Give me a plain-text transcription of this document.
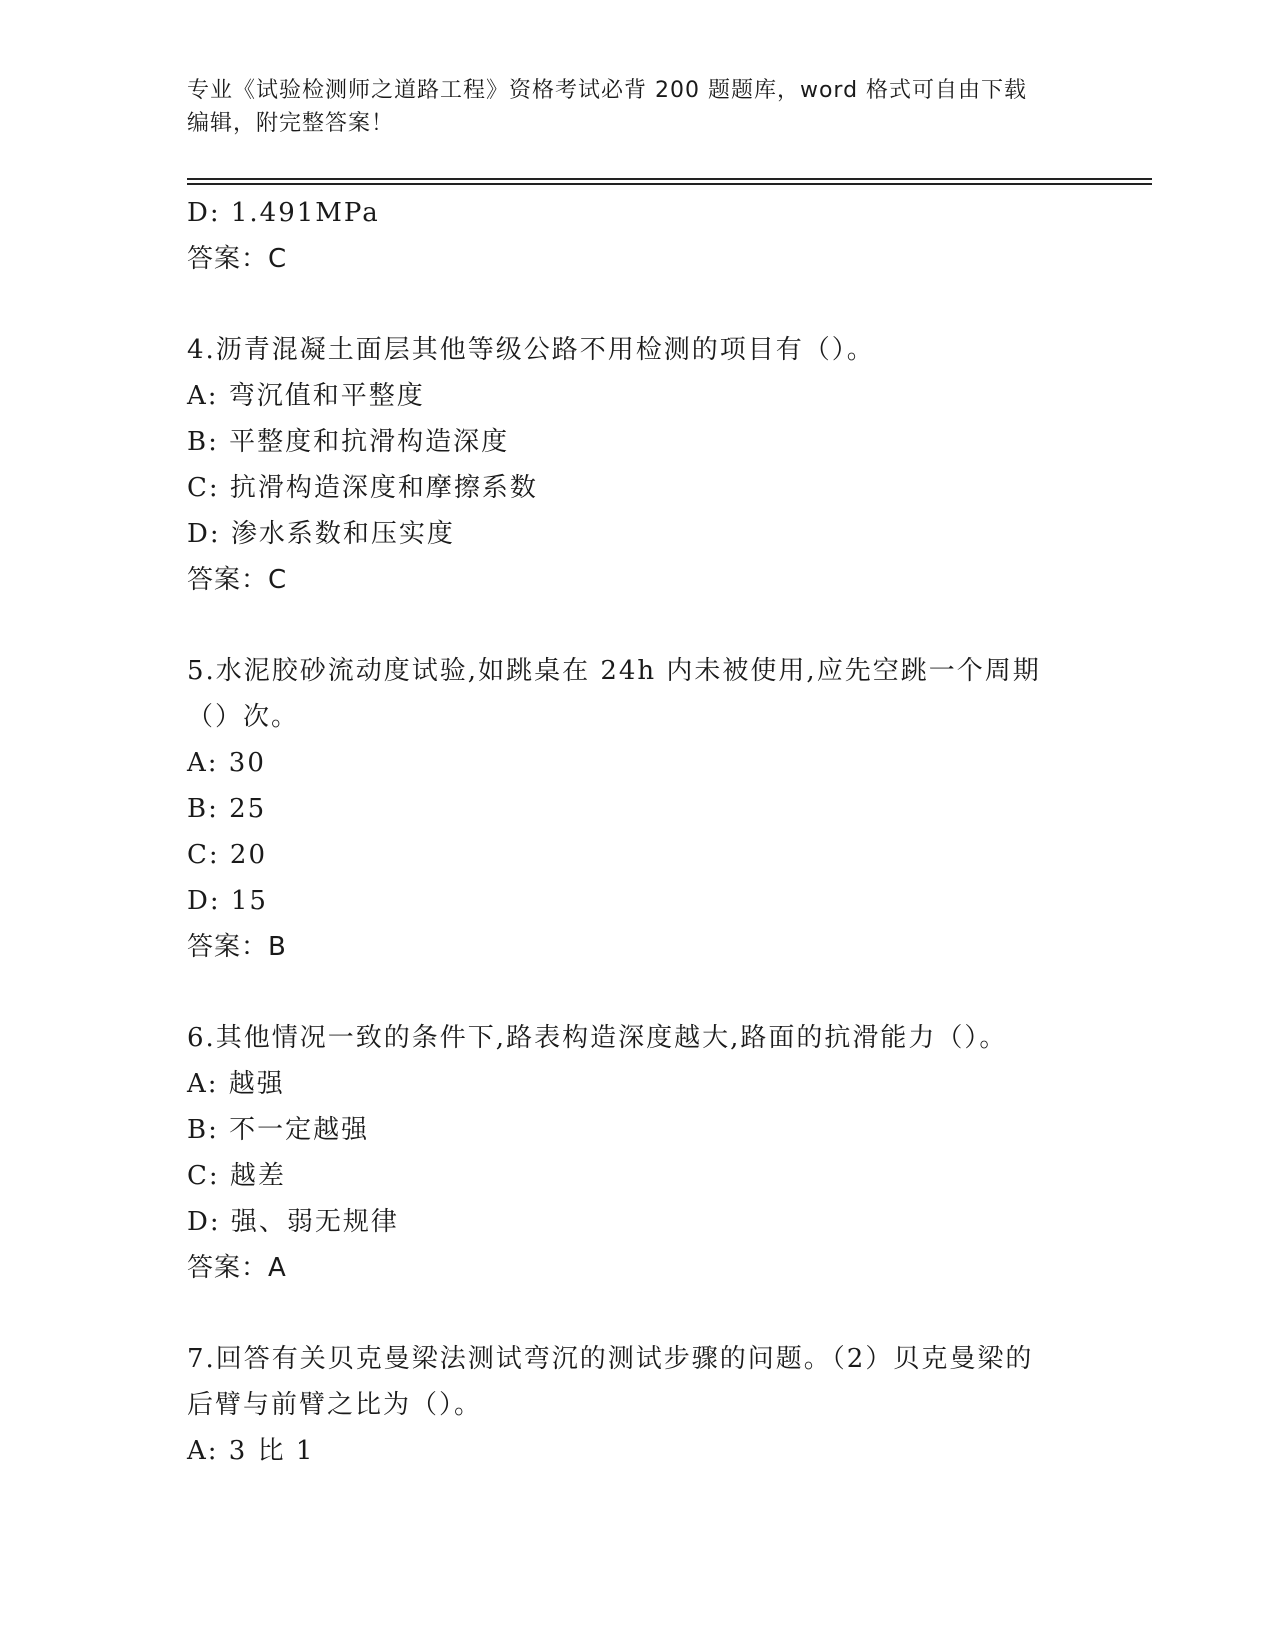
专业《试验检测师之道路工程》资格考试必背 200 题题库，word 格式可自由下载
编辑，附完整答案！
D: 1.491MPa
答案：C
4.沥青混凝土面层其他等级公路不用检测的项目有（）。
A: 弯沉值和平整度
B: 平整度和抗滑构造深度
C: 抗滑构造深度和摩擦系数
D: 渗水系数和压实度
答案：C
5.水泥胶砂流动度试验,如跳桌在 24h 内未被使用,应先空跳一个周期
（）次。
A: 30
B: 25
C: 20
D: 15
答案：B
6.其他情况一致的条件下,路表构造深度越大,路面的抗滑能力（）。
A: 越强
B: 不一定越强
C: 越差
D: 强、弱无规律
答案：A
7.回答有关贝克曼梁法测试弯沉的测试步骤的问题。（2）贝克曼梁的
后臂与前臂之比为（）。
A: 3 比 1
